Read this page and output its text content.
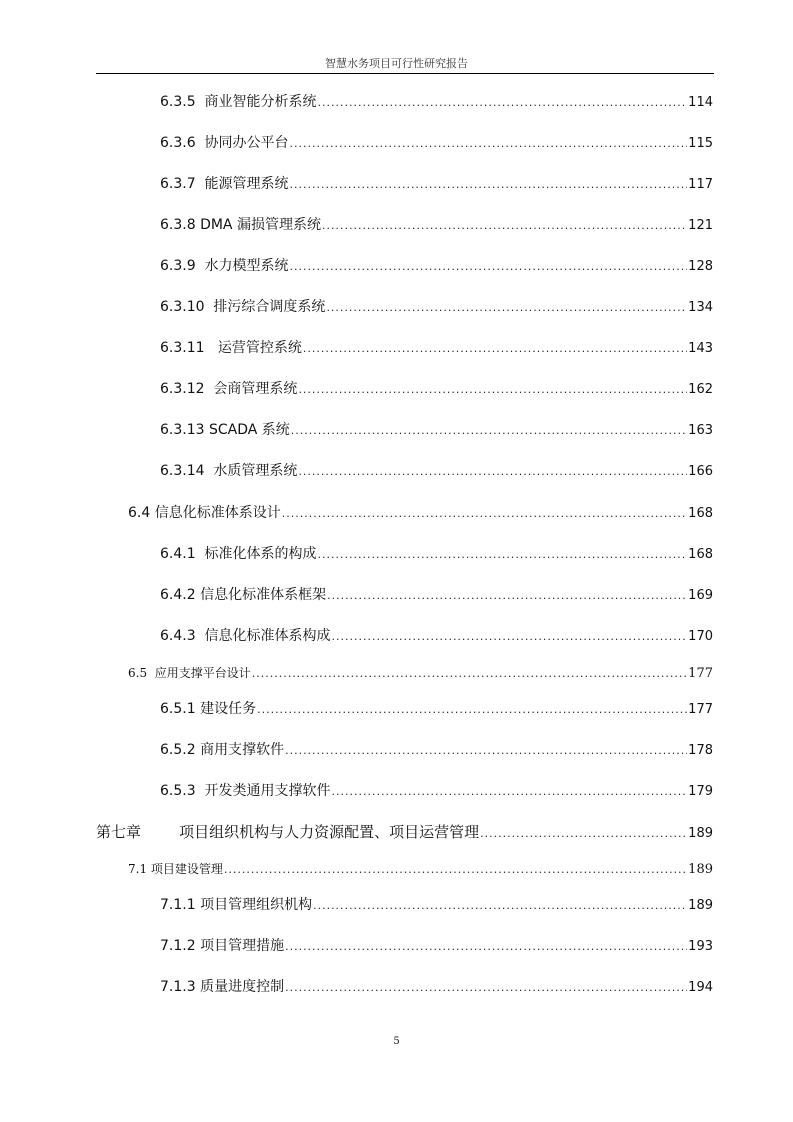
智慧水务项目可行性研究报告
6.3.5  商业智能分析系统 .....	114
6.3.6  协同办公平台 .....	115
6.3.7  能源管理系统 .....	117
6.3.8 DMA 漏损管理系统 .....	121
6.3.9  水力模型系统 .....	128
6.3.10  排污综合调度系统 .....	134
6.3.11   运营管控系统 .....	143
6.3.12  会商管理系统 .....	162
6.3.13 SCADA 系统 .....	163
6.3.14  水质管理系统 .....	166
6.4 信息化标准体系设计 .....	168
6.4.1  标准化体系的构成 .....	168
6.4.2 信息化标准体系框架 .....	169
6.4.3  信息化标准体系构成 .....	170
6.5  应用支撑平台设计 .....	177
6.5.1 建设任务 .....	177
6.5.2 商用支撑软件 .....	178
6.5.3  开发类通用支撑软件 .....	179
第七章        项目组织机构与人力资源配置、项目运营管理 .....	189
7.1 项目建设管理 .....	189
7.1.1 项目管理组织机构 .....	189
7.1.2 项目管理措施 .....	193
7.1.3 质量进度控制 .....	194
5
